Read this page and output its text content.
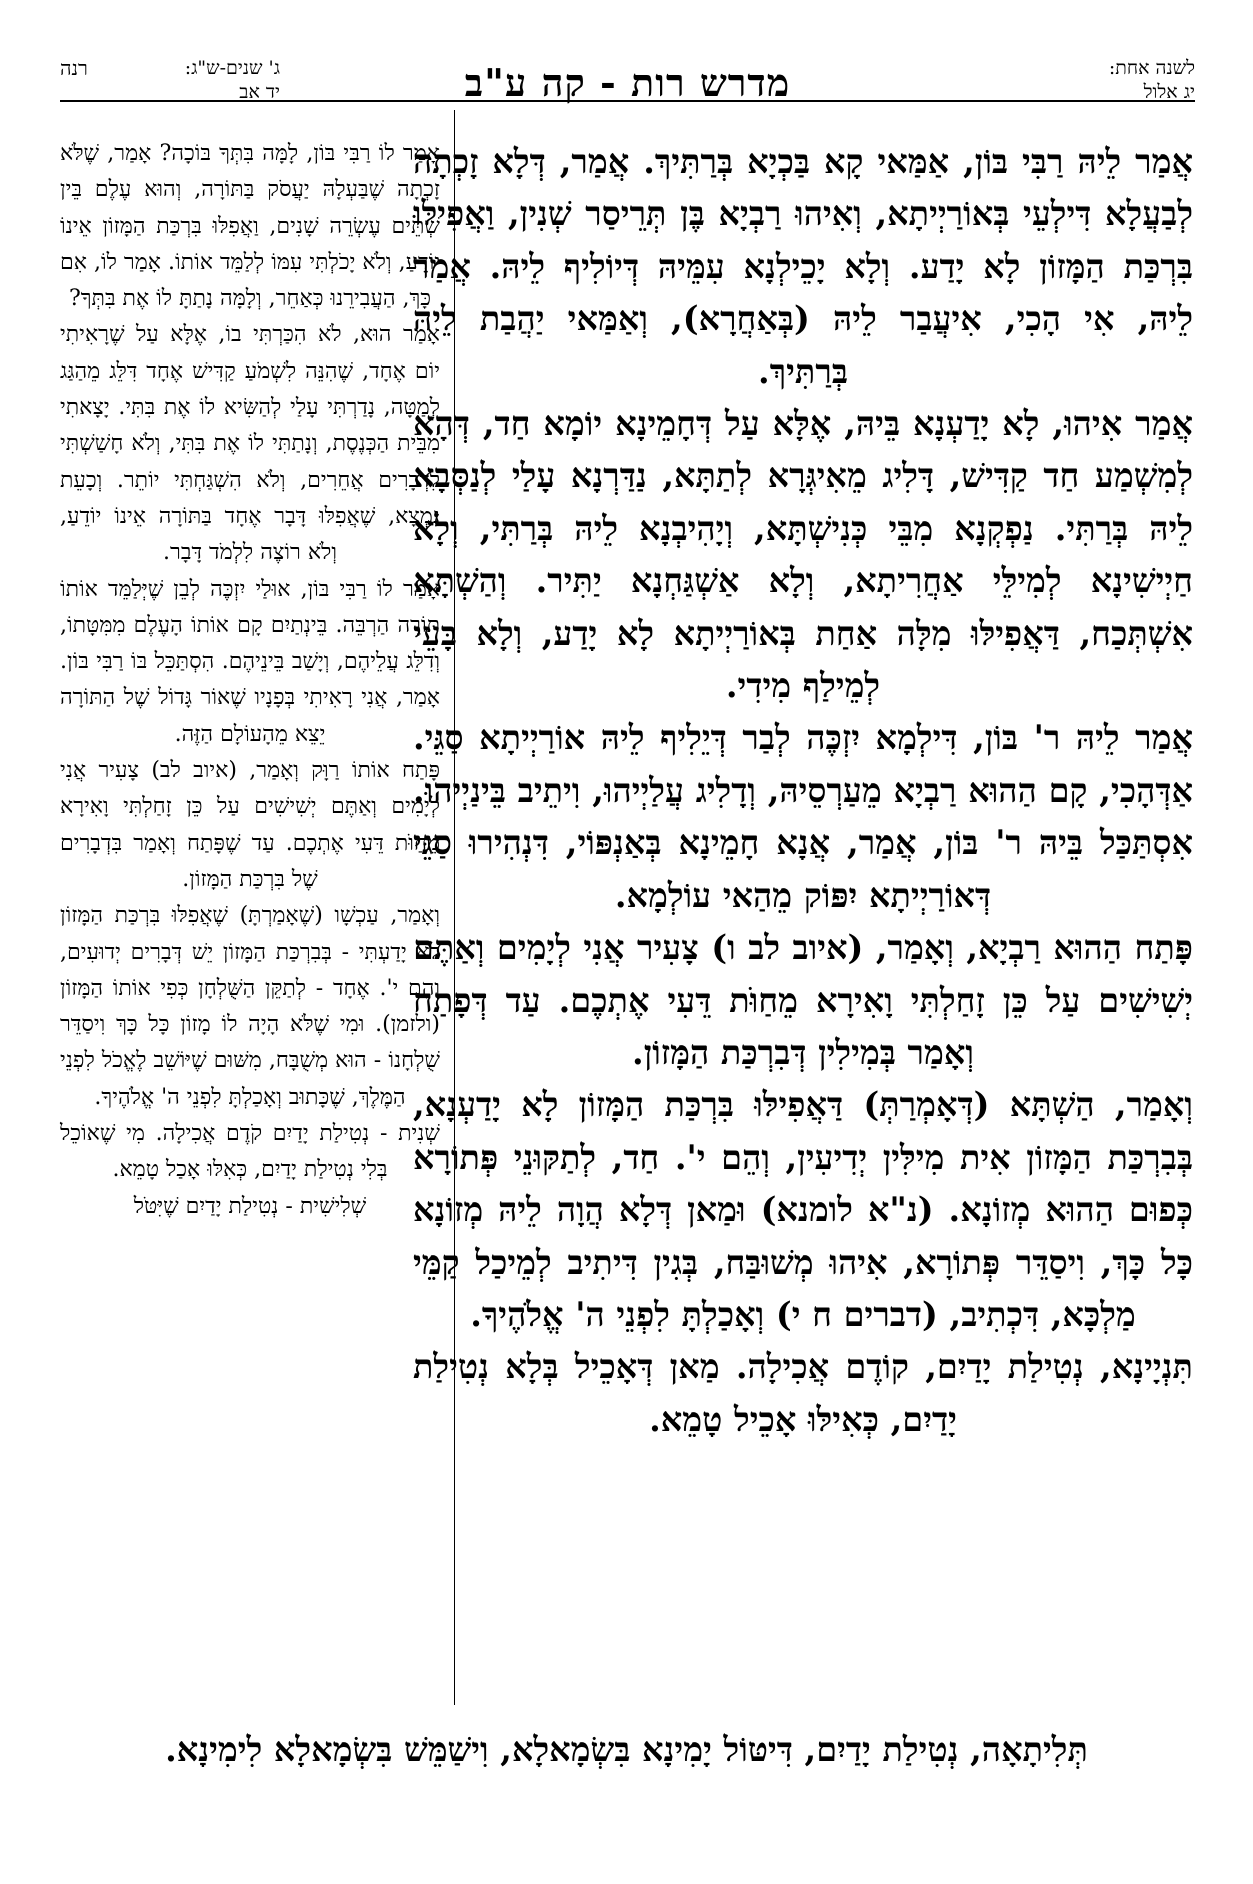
לשנה אחת:
יג אלול
מדרש רות - קה ע"ב
ג' שנים-ש"ג:
יד אב
רנה

אֲמַר לֵיהּ רַבִּי בּוֹן, אַמַּאי קָא בַּכְיָא בְּרַתִּיךְ. אֲמַר, דְּלָא זָכְתָה לְבַעֲלָא דִּילְעֵי בְּאוֹרַיְיתָא, וְאִיהוּ רַבְיָא בֶּן תְּרֵיסַר שְׁנִין, וַאֲפִילּוּ בִּרְכַּת הַמָּזוֹן לָא יָדַע. וְלָא יָכֵילְנָא עִמֵּיהּ דְּיוֹלִיף לֵיהּ. אֲמַר לֵיהּ, אִי הָכִי, אִיעֲבַר לֵיהּ (בְּאַחֲרָא), וְאַמַּאי יַהֲבַת לֵיהּ בְּרַתִּיךְ.

אֲמַר אִיהוּ, לָא יָדַעְנָא בֵּיהּ, אֶלָּא עַל דְּחָמֵינָא יוֹמָא חַד, דְּהָא לְמִשְׁמַע חַד קַדִּישׁ, דָּלִיג מֵאִיגְּרָא לְתַתָּא, נַדַּרְנָא עָלַי לְנַסְּבָא לֵיהּ בְּרַתִּי. נַפְקְנָא מִבֵּי כְּנִישְׁתָּא, וְיָהִיבְנָא לֵיהּ בְּרַתִּי, וְלָא חַיְישִׁינָא לְמִילֵּי אַחֲרִיתָא, וְלָא אַשְׁגַּחְנָא יַתִּיר. וְהַשְׁתָּא אִשְׁתְּכַח, דַּאֲפִילּוּ מִלָּה אַחַת בְּאוֹרַיְיתָא לָא יָדַע, וְלָא בָּעֵי לְמֵילַף מִידִי.

אֲמַר לֵיהּ ר' בּוֹן, דִּילְמָא יִזְכֶּה לְבַר דְּיֵלִיף לֵיהּ אוֹרַיְיתָא סַגֵּי. אַדְּהָכִי, קָם הַהוּא רַבְיָא מֵעַרְסֵיהּ, וְדָלִיג עֲלַיְיהוּ, וִיתֵיב בֵּינַיְיהוּ. אִסְתַּכַּל בֵּיהּ ר' בּוֹן, אֲמַר, אֲנָא חָמֵינָא בְּאַנְפּוֹי, דִּנְהִירוּ סַגֵּי דְּאוֹרַיְיתָא יִפּוֹק מֵהַאי עוֹלְמָא.

פָּתַח הַהוּא רַבְיָא, וְאָמַר, (איוב לב ו) צָעִיר אֲנִי לְיָמִים וְאַתֶּם יְשִׁישִׁים עַל כֵּן זָחַלְתִּי וָאִירָא מֵחַוֹּת דֵּעִי אֶתְכֶם. עַד דְּפָתַח וְאָמַר בְּמִילִין דְּבִרְכַּת הַמָּזוֹן.

וְאָמַר, הַשְׁתָּא (דְּאָמְרַתְּ) דַּאֲפִילּוּ בִּרְכַּת הַמָּזוֹן לָא יָדַעְנָא, בְּבִרְכַּת הַמָּזוֹן אִית מִילִּין יְדִיעִין, וְהֵם י'. חַד, לְתַקּוּנֵי פְּתוֹרָא כְּפוּם הַהוּא מְזוֹנָא. (נ"א לומנא) וּמַאן דְּלָא הֲוָה לֵיהּ מְזוֹנָא כָּל כָּךְ, וִיסַדֵּר פְּתוֹרָא, אִיהוּ מְשׁוּבַּח, בְּגִין דִּיתִיב לְמֵיכַל קַמֵּי מַלְכָּא, דִּכְתִיב, (דברים ח י) וְאָכַלְתָּ לִפְנֵי ה' אֱלֹהֶיךָ.

תִּנְיָינָא, נְטִילַת יָדַיִם, קוֹדֶם אֲכִילָה. מַאן דְּאָכֵיל בְּלָא נְטִילַת יָדַיִם, כְּאִילּוּ אָכֵיל טָמֵא.

אָמַר לוֹ רַבִּי בּוֹן, לָמָּה בִּתְּךָ בּוֹכָה? אָמַר, שֶׁלֹּא זָכְתָה שֶׁבַּעְלָהּ יַעֲסֹק בַּתּוֹרָה, וְהוּא עֶלֶם בֵּין שְׁתֵּים עֶשְׂרֵה שָׁנִים, וַאֲפִלּוּ בִּרְכַּת הַמָּזוֹן אֵינוֹ יוֹדֵעַ, וְלֹא יָכֹלְתִּי עִמּוֹ לְלַמֵּד אוֹתוֹ. אָמַר לוֹ, אִם כָּךְ, הַעֲבִירֵנוּ כְּאַחֵר, וְלָמָּה נָתַתָּ לוֹ אֶת בִּתְּךָ?

אָמַר הוּא, לֹא הִכַּרְתִּי בוֹ, אֶלָּא עַל שֶׁרָאִיתִי יוֹם אֶחָד, שֶׁהִנֵּה לִשְׁמֹעַ קַדִּישׁ אֶחָד דִּלֵּג מֵהַגַּג לְמַטָּה, נָדַרְתִּי עָלַי לְהַשִּׂיא לוֹ אֶת בִּתִּי. יָצָאתִי מִבֵּית הַכְּנֶסֶת, וְנָתַתִּי לוֹ אֶת בִּתִּי, וְלֹא חָשַׁשְׁתִּי לִדְבָרִים אֲחֵרִים, וְלֹא הִשְׁגַּחְתִּי יוֹתֵר. וְכָעֵת נִמְצָא, שֶׁאֲפִלּוּ דָּבָר אֶחָד בַּתּוֹרָה אֵינוֹ יוֹדֵעַ, וְלֹא רוֹצֶה לִלְמֹד דָּבָר.

אָמַר לוֹ רַבִּי בּוֹן, אוּלַי יִזְכֶּה לְבֵן שֶׁיְּלַמֵּד אוֹתוֹ תּוֹרָה הַרְבֵּה. בֵּינְתַיִם קָם אוֹתוֹ הָעֶלֶם מִמִּטָּתוֹ, וְדִלֵּג עֲלֵיהֶם, וְיָשַׁב בֵּינֵיהֶם. הִסְתַּכֵּל בּוֹ רַבִּי בּוֹן. אָמַר, אֲנִי רָאִיתִי בְּפָנָיו שֶׁאוֹר גָּדוֹל שֶׁל הַתּוֹרָה יֵצֵא מֵהָעוֹלָם הַזֶּה.

פָּתַח אוֹתוֹ רַוָּק וְאָמַר, (איוב לב) צָעִיר אֲנִי לְיָמִים וְאַתֶּם יְשִׁישִׁים עַל כֵּן זָחַלְתִּי וָאִירָא מֵחַוֹּת דֵּעִי אֶתְכֶם. עַד שֶׁפָּתַח וְאָמַר בִּדְבָרִים שֶׁל בִּרְכַּת הַמָּזוֹן.

וְאָמַר, עַכְשָׁו (שֶׁאָמַרְתָּ) שֶׁאֲפִלּוּ בִּרְכַּת הַמָּזוֹן לֹא יָדַעְתִּי - בְּבִרְכַּת הַמָּזוֹן יֵשׁ דְּבָרִים יְדוּעִים, וְהֵם י'. אֶחָד - לְתַקֵּן הַשֻּׁלְחָן כְּפִי אוֹתוֹ הַמָּזוֹן (ולזמן). וּמִי שֶׁלֹּא הָיָה לוֹ מָזוֹן כָּל כָּךְ וִיסַדֵּר שֻׁלְחָנוֹ - הוּא מְשֻׁבָּח, מִשּׁוּם שֶׁיּוֹשֵׁב לֶאֱכֹל לִפְנֵי הַמֶּלֶךְ, שֶׁכָּתוּב וְאָכַלְתָּ לִפְנֵי ה' אֱלֹהֶיךָ.

שְׁנִית - נְטִילַת יָדַיִם קֹדֶם אֲכִילָה. מִי שֶׁאוֹכֵל בְּלִי נְטִילַת יָדַיִם, כְּאִלּוּ אָכַל טָמֵא.

שְׁלִישִׁית - נְטִילַת יָדַיִם שֶׁיִּטֹּל

תְּלִיתָאָה, נְטִילַת יָדַיִם, דִּיטּוֹל יָמִינָא בִּשְׂמָאלָא, וִישַׁמֵּשׁ בִּשְׂמָאלָא לִימִינָא.
